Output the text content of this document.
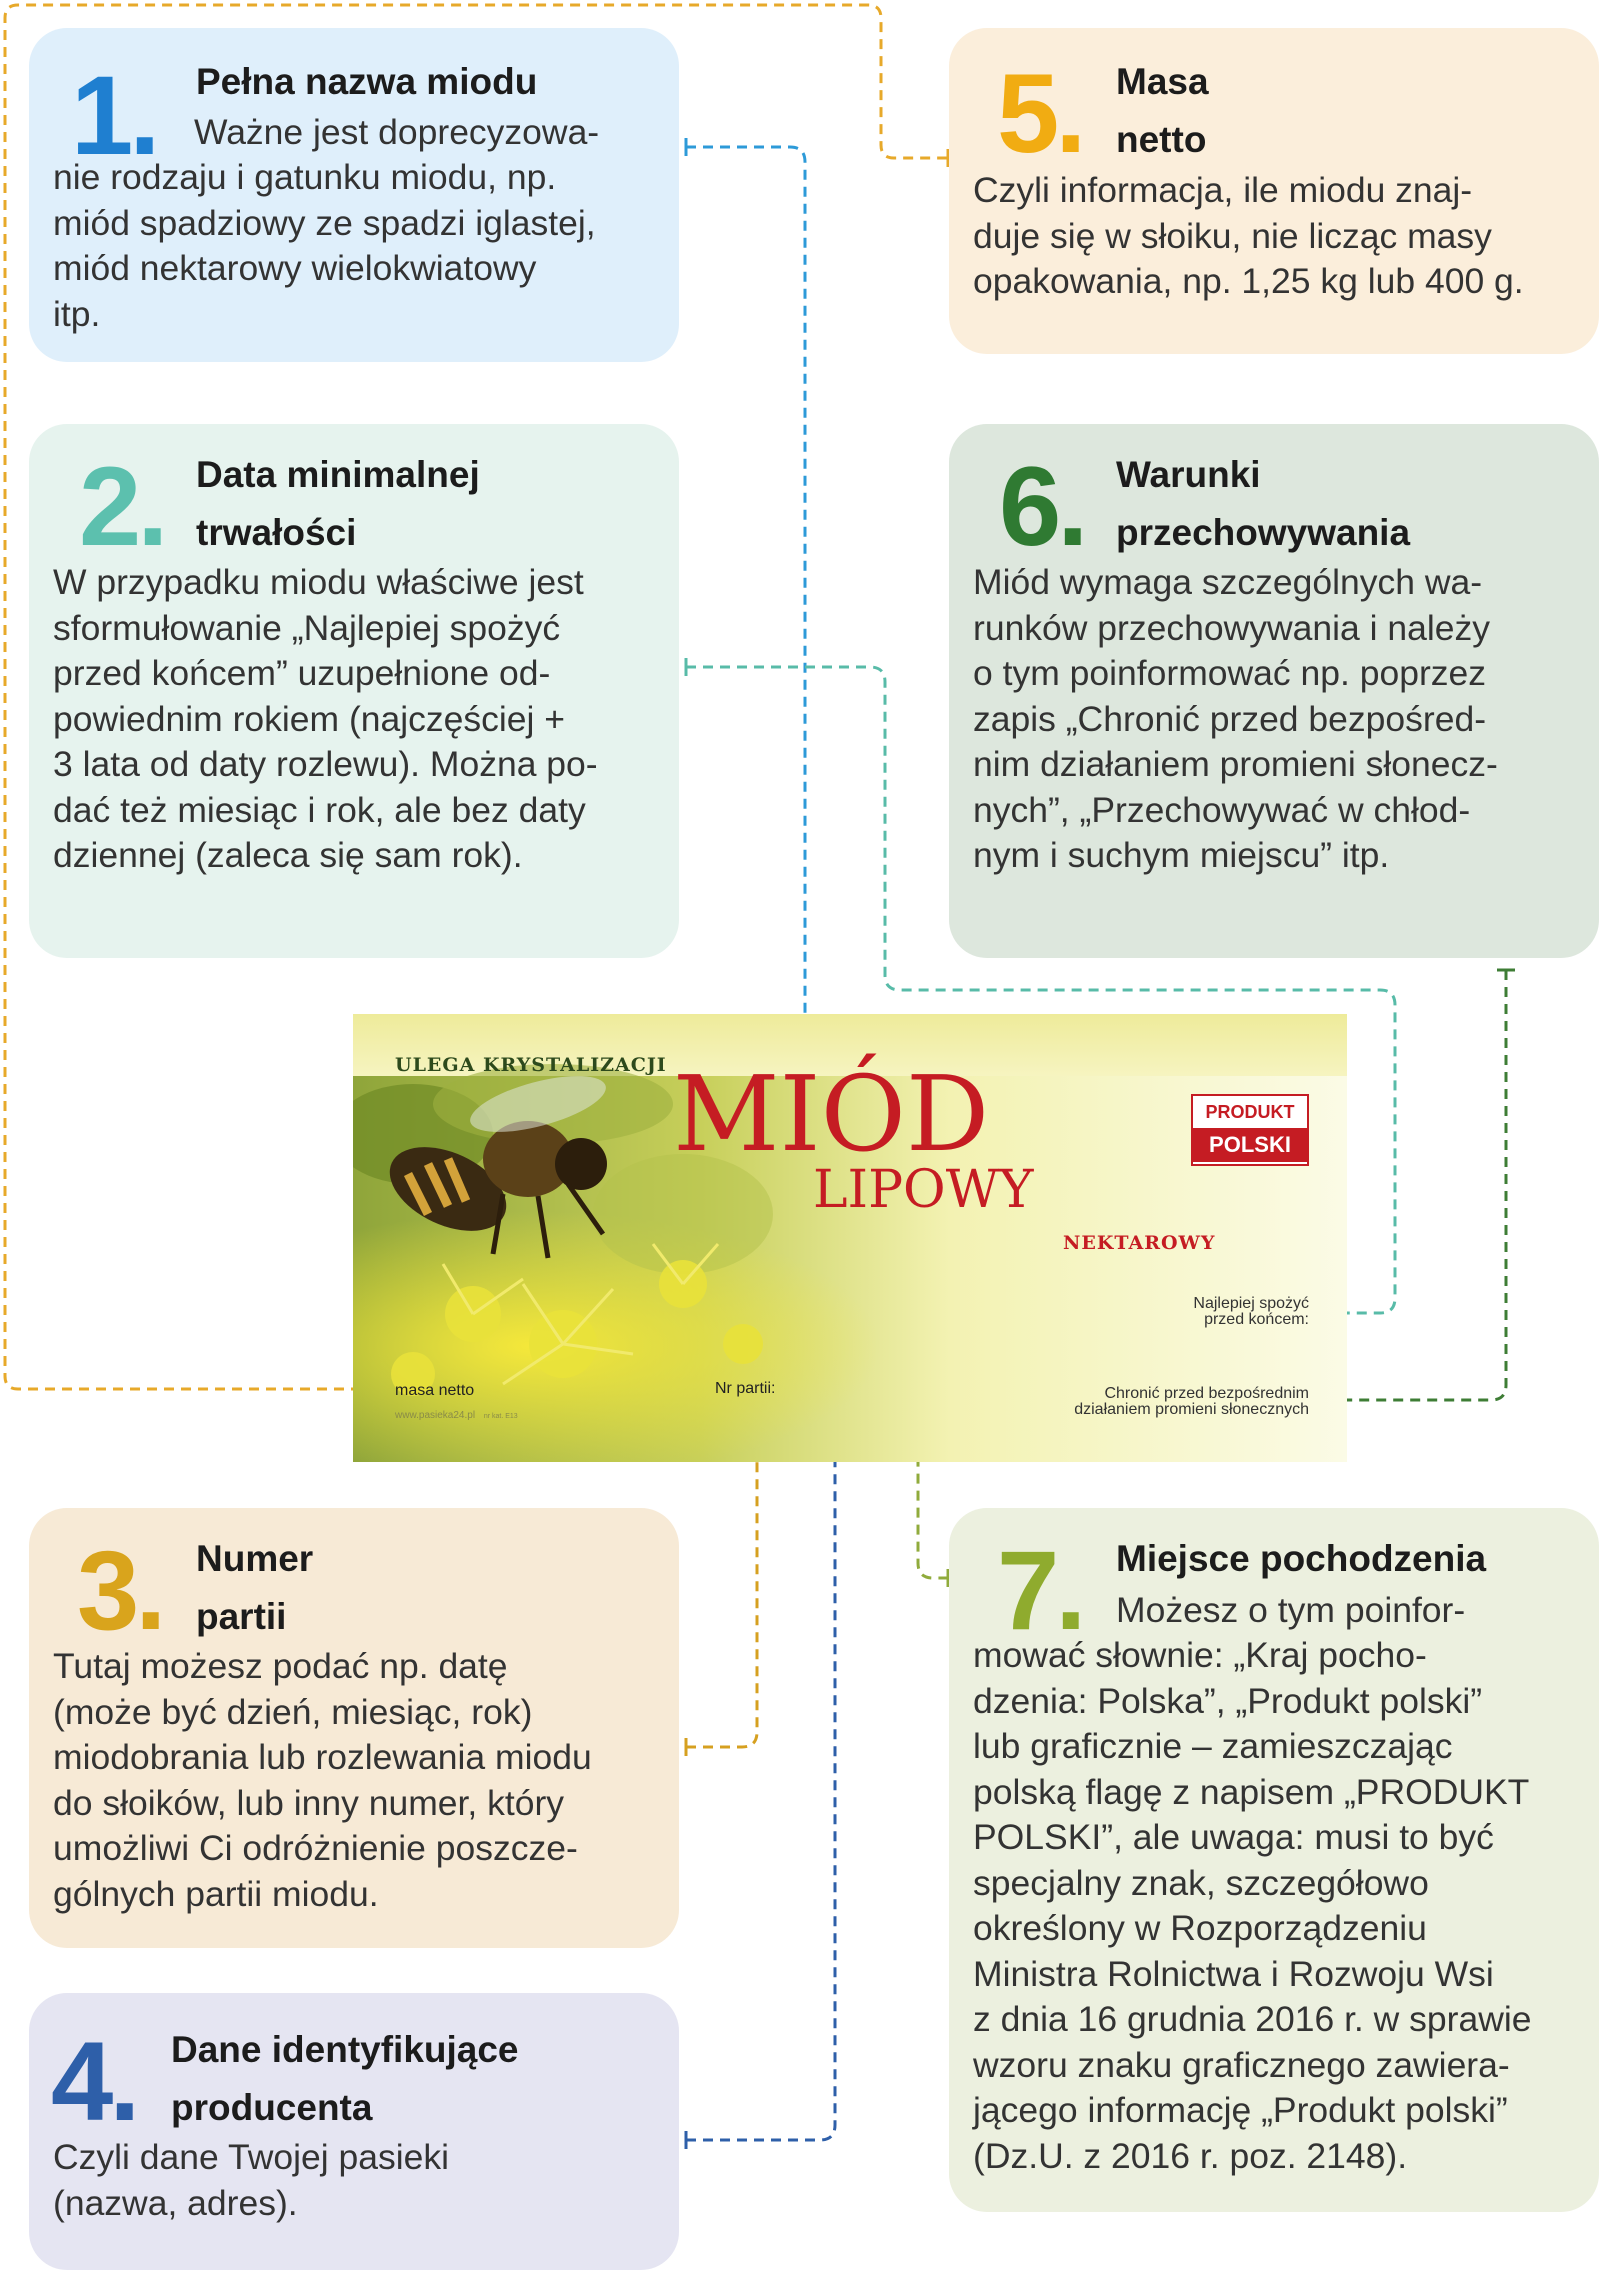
1. Pełna nazwa miodu
Ważne jest doprecyzowa-
nie rodzaju i gatunku miodu, np.
miód spadziowy ze spadzi iglastej,
miód nektarowy wielokwiatowy
itp.
2. Data minimalnej
trwałości
W przypadku miodu właściwe jest
sformułowanie „Najlepiej spożyć
przed końcem” uzupełnione od-
powiednim rokiem (najczęściej +
3 lata od daty rozlewu). Można po-
dać też miesiąc i rok, ale bez daty
dziennej (zaleca się sam rok).
3. Numer
partii
Tutaj możesz podać np. datę
(może być dzień, miesiąc, rok)
miodobrania lub rozlewania miodu
do słoików, lub inny numer, który
umożliwi Ci odróżnienie poszcze-
gólnych partii miodu.
4. Dane identyfikujące
producenta
Czyli dane Twojej pasieki
(nazwa, adres).
5. Masa
netto
Czyli informacja, ile miodu znaj-
duje się w słoiku, nie licząc masy
opakowania, np. 1,25 kg lub 400 g.
6. Warunki
przechowywania
Miód wymaga szczególnych wa-
runków przechowywania i należy
o tym poinformować np. poprzez
zapis „Chronić przed bezpośred-
nim działaniem promieni słonecz-
nych”, „Przechowywać w chłod-
nym i suchym miejscu” itp.
7. Miejsce pochodzenia
Możesz o tym poinfor-
mować słownie: „Kraj pocho-
dzenia: Polska”, „Produkt polski”
lub graficznie – zamieszczając
polską flagę z napisem „PRODUKT
POLSKI”, ale uwaga: musi to być
specjalny znak, szczegółowo
określony w Rozporządzeniu
Ministra Rolnictwa i Rozwoju Wsi
z dnia 16 grudnia 2016 r. w sprawie
wzoru znaku graficznego zawiera-
jącego informację „Produkt polski”
(Dz.U. z 2016 r. poz. 2148).
ULEGA KRYSTALIZACJI MIÓD
LIPOWY
NEKTAROWY
PRODUKT
POLSKI
Najlepiej spożyć
przed końcem:
Chronić przed bezpośrednim
działaniem promieni słonecznych
masa netto
www.pasieka24.pl nr kat. E13
Nr partii:
